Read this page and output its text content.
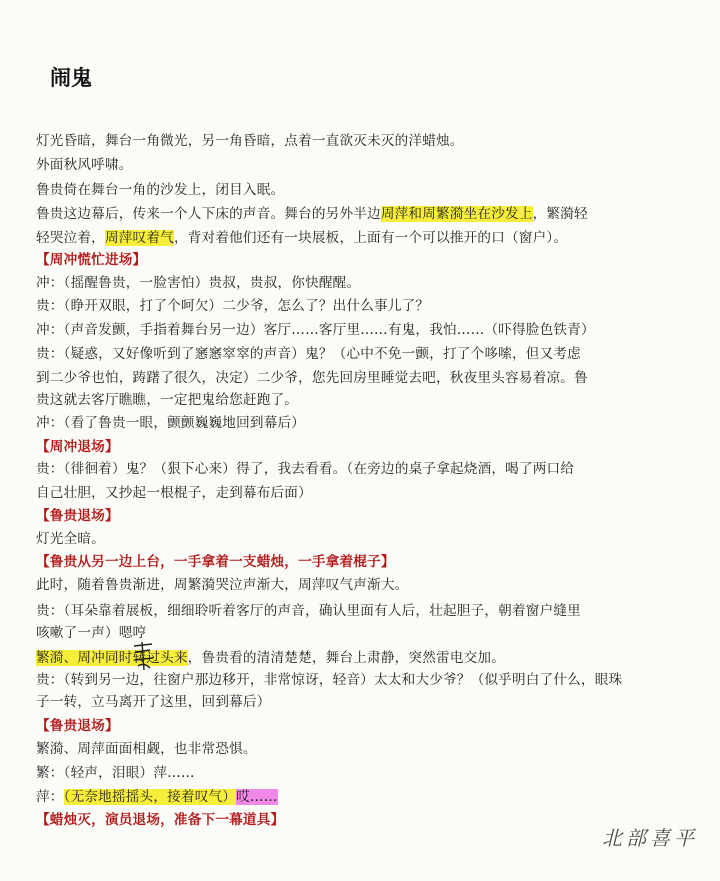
闹鬼
灯光昏暗，舞台一角微光，另一角昏暗，点着一直欲灭未灭的洋蜡烛。
外面秋风呼啸。
鲁贵倚在舞台一角的沙发上，闭目入眠。
鲁贵这边幕后，传来一个人下床的声音。舞台的另外半边周萍和周繁漪坐在沙发上，繁漪轻
轻哭泣着，周萍叹着气，背对着他们还有一块展板，上面有一个可以推开的口（窗户）。
【周冲慌忙进场】
冲：（摇醒鲁贵，一脸害怕）贵叔，贵叔，你快醒醒。
贵：（睁开双眼，打了个呵欠）二少爷，怎么了？出什么事儿了？
冲：（声音发颤，手指着舞台另一边）客厅……客厅里……有鬼，我怕……（吓得脸色铁青）
贵：（疑惑，又好像听到了窸窸窣窣的声音）鬼？（心中不免一颤，打了个哆嗦，但又考虑
到二少爷也怕，踌躇了很久，决定）二少爷，您先回房里睡觉去吧，秋夜里头容易着凉。鲁
贵这就去客厅瞧瞧，一定把鬼给您赶跑了。
冲：（看了鲁贵一眼，颤颤巍巍地回到幕后）
【周冲退场】
贵：（徘徊着）鬼？（狠下心来）得了，我去看看。（在旁边的桌子拿起烧酒，喝了两口给
自己壮胆，又抄起一根棍子，走到幕布后面）
【鲁贵退场】
灯光全暗。
【鲁贵从另一边上台，一手拿着一支蜡烛，一手拿着棍子】
此时，随着鲁贵渐进，周繁漪哭泣声渐大，周萍叹气声渐大。
贵：（耳朵靠着展板，细细聆听着客厅的声音，确认里面有人后，壮起胆子，朝着窗户缝里
咳嗽了一声）嗯哼
繁漪、周冲同时转过头来，鲁贵看的清清楚楚，舞台上肃静，突然雷电交加。
贵：（转到另一边，往窗户那边移开，非常惊讶，轻音）太太和大少爷？（似乎明白了什么，眼珠
子一转，立马离开了这里，回到幕后）
【鲁贵退场】
繁漪、周萍面面相觑，也非常恐惧。
繁：（轻声，泪眼）萍……
萍：（无奈地摇摇头，接着叹气）哎……
【蜡烛灭，演员退场，准备下一幕道具】
北部喜平
